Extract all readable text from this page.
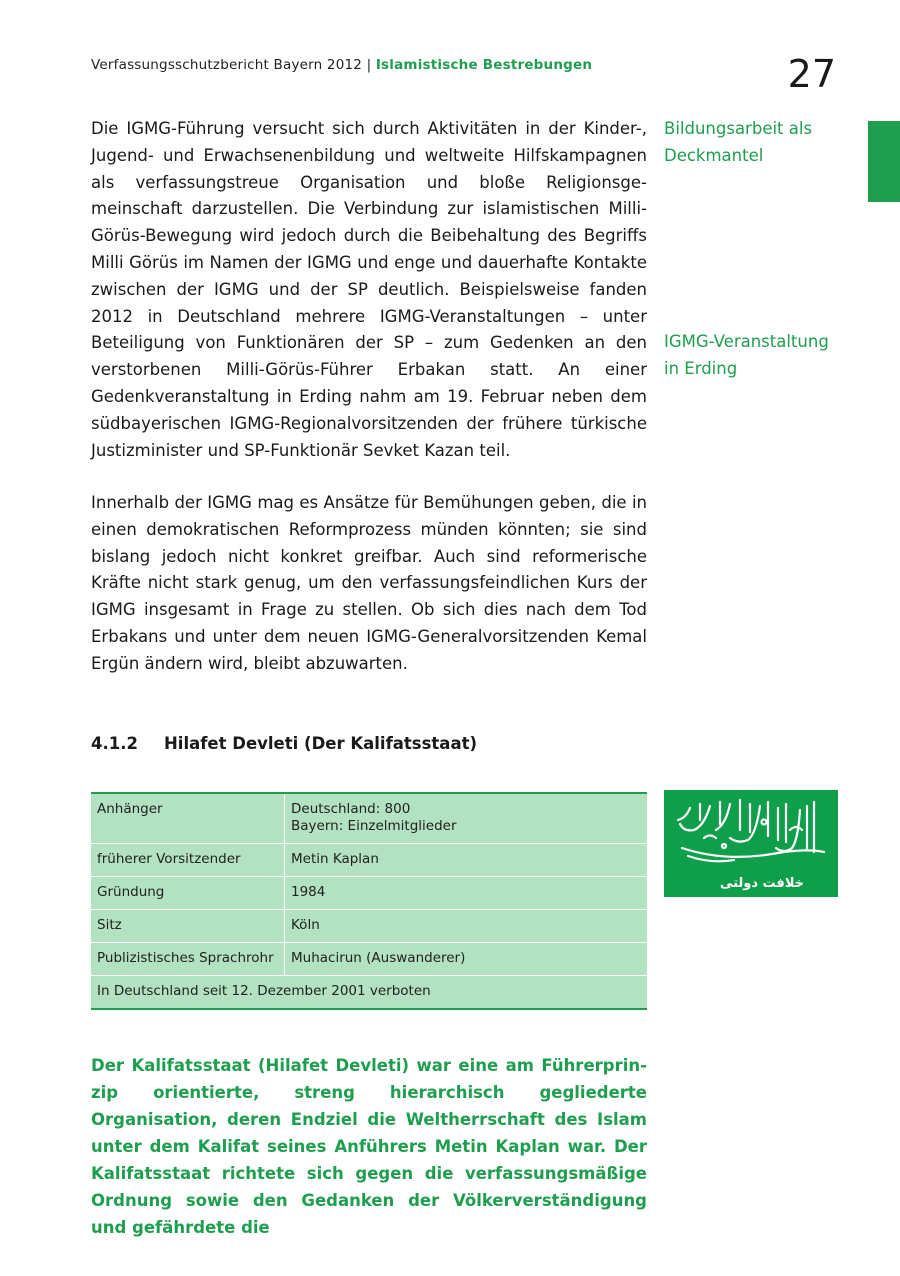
Verfassungsschutzbericht Bayern 2012 | Islamistische Bestrebungen	27
Die IGMG-Führung versucht sich durch Aktivitäten in der Kinder-, Jugend- und Erwachsenenbildung und weltweite Hilfskampagnen als verfassungstreue Organisation und bloße Religionsgemeinschaft darzustellen. Die Verbindung zur islamistischen Milli-Görüs-Bewegung wird jedoch durch die Beibehaltung des Begriffs Milli Görüs im Namen der IGMG und enge und dauerhafte Kontakte zwischen der IGMG und der SP deutlich. Beispielsweise fanden 2012 in Deutschland mehrere IGMG-Veranstaltungen – unter Beteiligung von Funktionären der SP – zum Gedenken an den verstorbenen Milli-Görüs-Führer Erbakan statt. An einer Gedenkveranstaltung in Erding nahm am 19. Februar neben dem südbayerischen IGMG-Regionalvorsitzenden der frühere türkische Justizminister und SP-Funktionär Sevket Kazan teil.
Bildungsarbeit als Deckmantel
IGMG-Veranstaltung in Erding
Innerhalb der IGMG mag es Ansätze für Bemühungen geben, die in einen demokratischen Reformprozess münden könnten; sie sind bislang jedoch nicht konkret greifbar. Auch sind reformerische Kräfte nicht stark genug, um den verfassungsfeindlichen Kurs der IGMG insgesamt in Frage zu stellen. Ob sich dies nach dem Tod Erbakans und unter dem neuen IGMG-Generalvorsitzenden Kemal Ergün ändern wird, bleibt abzuwarten.
4.1.2 Hilafet Devleti (Der Kalifatsstaat)
Anhänger	Deutschland: 800
Bayern: Einzelmitglieder

früherer Vorsitzender	Metin Kaplan
Gründung	1984
Sitz	Köln
Publizistisches Sprachrohr	Muhacirun (Auswanderer)
In Deutschland seit 12. Dezember 2001 verboten	
خلافت دولتی
Der Kalifatsstaat (Hilafet Devleti) war eine am Führerprinzip orientierte, streng hierarchisch gegliederte Organisation, deren Endziel die Weltherrschaft des Islam unter dem Kalifat seines Anführers Metin Kaplan war. Der Kalifatsstaat richtete sich gegen die verfassungsmäßige Ordnung sowie den Gedanken der Völkerverständigung und gefährdete die
